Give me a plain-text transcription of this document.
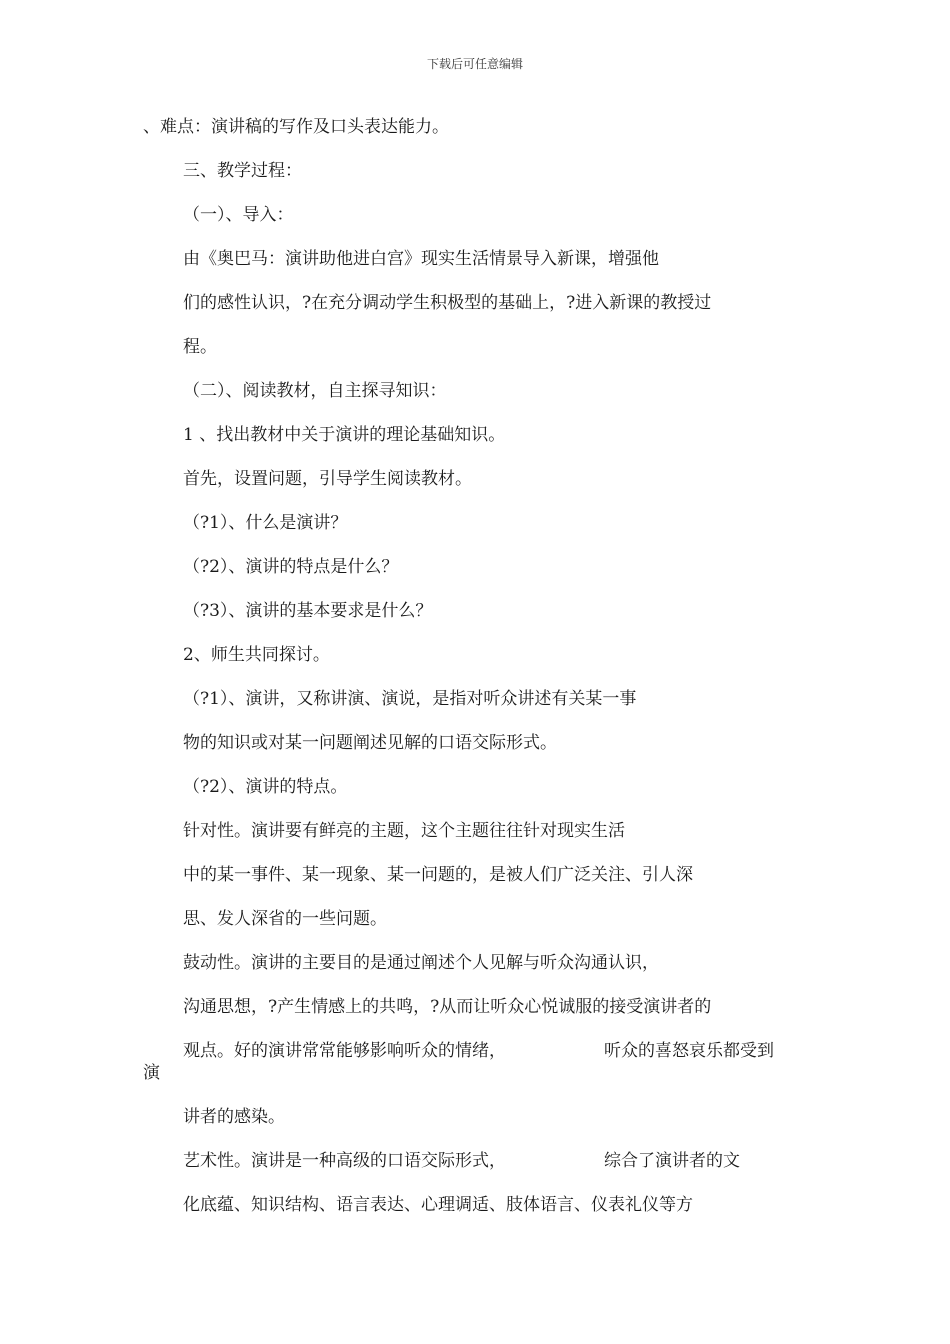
下载后可任意编辑
、难点：演讲稿的写作及口头表达能力。
三、教学过程：
（一）、导入：
由《奥巴马：演讲助他进白宫》现实生活情景导入新课，增强他
们的感性认识，?在充分调动学生积极型的基础上，?进入新课的教授过
程。
（二）、阅读教材，自主探寻知识：
1 、找出教材中关于演讲的理论基础知识。
首先，设置问题，引导学生阅读教材。
（?1）、什么是演讲？
（?2）、演讲的特点是什么？
（?3）、演讲的基本要求是什么？
2、师生共同探讨。
（?1）、演讲，又称讲演、演说，是指对听众讲述有关某一事
物的知识或对某一问题阐述见解的口语交际形式。
（?2）、演讲的特点。
针对性。演讲要有鲜亮的主题，这个主题往往针对现实生活
中的某一事件、某一现象、某一问题的，是被人们广泛关注、引人深
思、发人深省的一些问题。
鼓动性。演讲的主要目的是通过阐述个人见解与听众沟通认识，
沟通思想，?产生情感上的共鸣，?从而让听众心悦诚服的接受演讲者的
观点。好的演讲常常能够影响听众的情绪，	听众的喜怒哀乐都受到
演
讲者的感染。
艺术性。演讲是一种高级的口语交际形式，	综合了演讲者的文
化底蕴、知识结构、语言表达、心理调适、肢体语言、仪表礼仪等方
